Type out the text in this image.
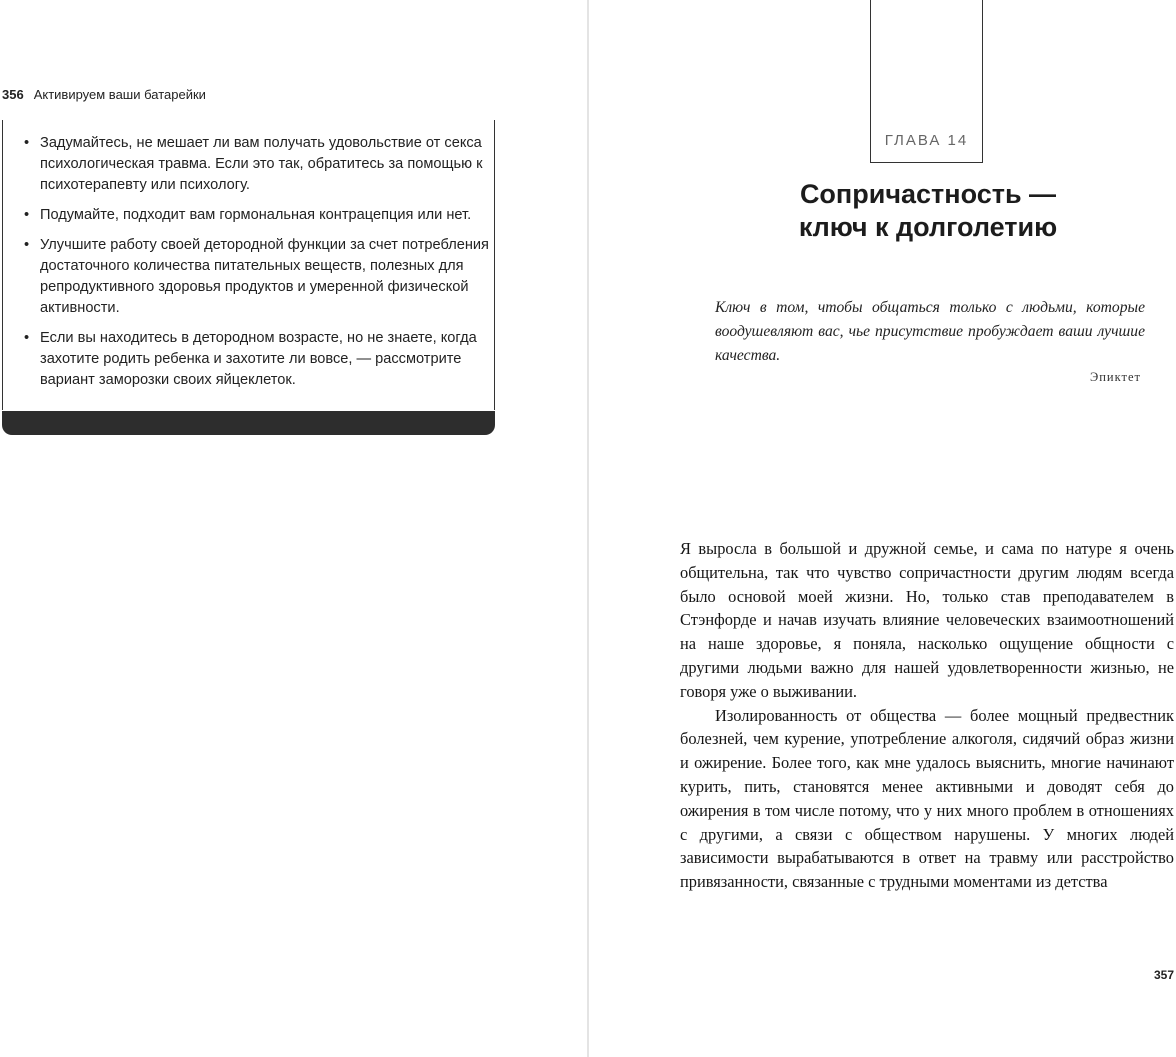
356 Активируем ваши батарейки
• Задумайтесь, не мешает ли вам получать удовольствие от секса психологическая травма. Если это так, обратитесь за помощью к психотерапевту или психологу.
• Подумайте, подходит вам гормональная контрацепция или нет.
• Улучшите работу своей детородной функции за счет потребления достаточного количества питательных веществ, полезных для репродуктивного здоровья продуктов и умеренной физической активности.
• Если вы находитесь в детородном возрасте, но не знаете, когда захотите родить ребенка и захотите ли вовсе, — рассмотрите вариант заморозки своих яйцеклеток.
ГЛАВА 14
Сопричастность —
ключ к долголетию

Ключ в том, чтобы общаться только с людьми, которые воодушевляют вас, чье присутствие пробуждает ваши лучшие качества.

Эпиктет

Я выросла в большой и дружной семье, и сама по натуре я очень общительна, так что чувство сопричастности другим людям всегда было основой моей жизни. Но, только став преподавателем в Стэнфорде и начав изучать влияние человеческих взаимоотношений на наше здоровье, я поняла, насколько ощущение общности с другими людьми важно для нашей удовлетворенности жизнью, не говоря уже о выживании.

Изолированность от общества — более мощный предвестник болезней, чем курение, употребление алкоголя, сидячий образ жизни и ожирение. Более того, как мне удалось выяснить, многие начинают курить, пить, становятся менее активными и доводят себя до ожирения в том числе потому, что у них много проблем в отношениях с другими, а связи с обществом нарушены. У многих людей зависимости вырабатываются в ответ на травму или расстройство привязанности, связанные с трудными моментами из детства

357
